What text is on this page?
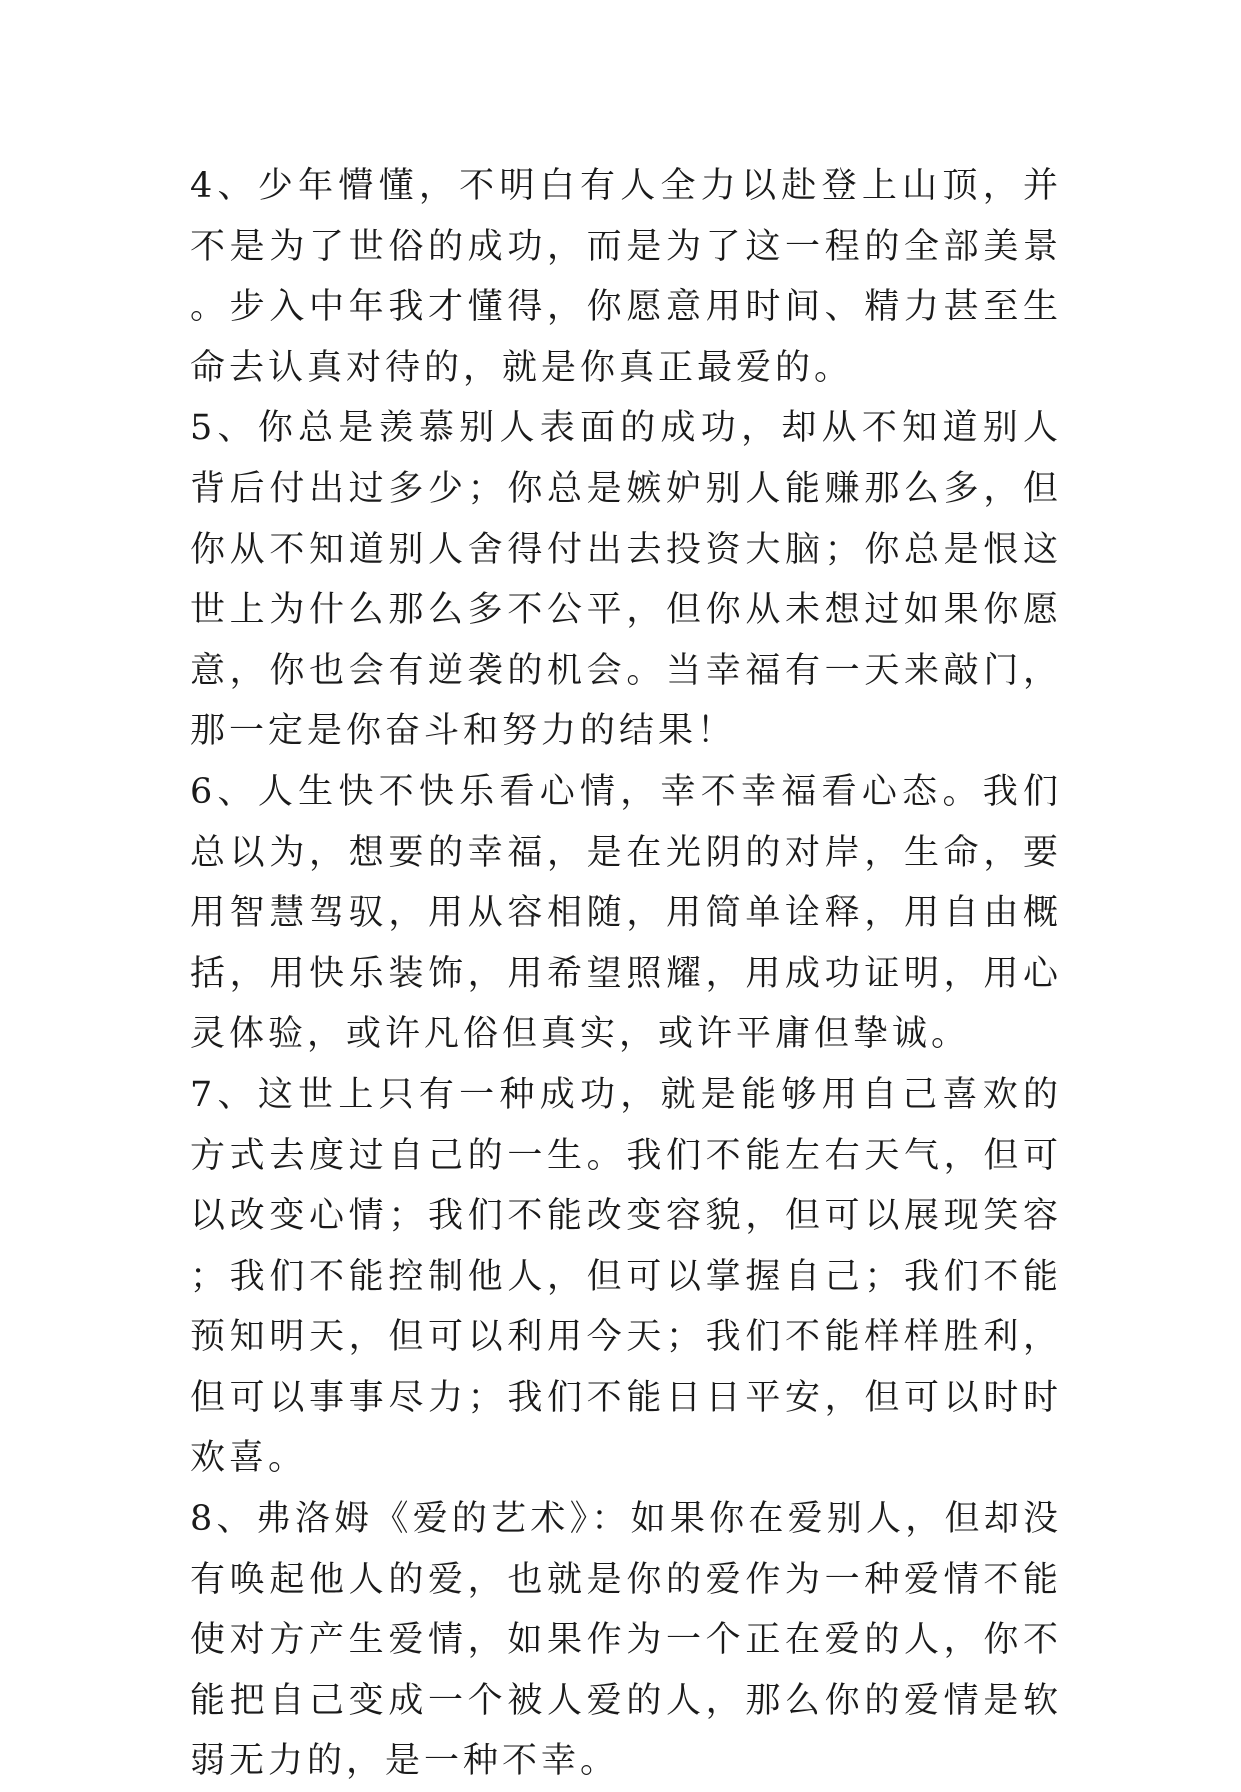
4、少年懵懂，不明白有人全力以赴登上山顶，并不是为了世俗的成功，而是为了这一程的全部美景。步入中年我才懂得，你愿意用时间、精力甚至生命去认真对待的，就是你真正最爱的。

5、你总是羡慕别人表面的成功，却从不知道别人背后付出过多少；你总是嫉妒别人能赚那么多，但你从不知道别人舍得付出去投资大脑；你总是恨这世上为什么那么多不公平，但你从未想过如果你愿意，你也会有逆袭的机会。当幸福有一天来敲门，那一定是你奋斗和努力的结果！

6、人生快不快乐看心情，幸不幸福看心态。我们总以为，想要的幸福，是在光阴的对岸，生命，要用智慧驾驭，用从容相随，用简单诠释，用自由概括，用快乐装饰，用希望照耀，用成功证明，用心灵体验，或许凡俗但真实，或许平庸但挚诚。

7、这世上只有一种成功，就是能够用自己喜欢的方式去度过自己的一生。我们不能左右天气，但可以改变心情；我们不能改变容貌，但可以展现笑容；我们不能控制他人，但可以掌握自己；我们不能预知明天，但可以利用今天；我们不能样样胜利，但可以事事尽力；我们不能日日平安，但可以时时欢喜。

8、弗洛姆《爱的艺术》：如果你在爱别人，但却没有唤起他人的爱，也就是你的爱作为一种爱情不能使对方产生爱情，如果作为一个正在爱的人，你不能把自己变成一个被人爱的人，那么你的爱情是软弱无力的，是一种不幸。
